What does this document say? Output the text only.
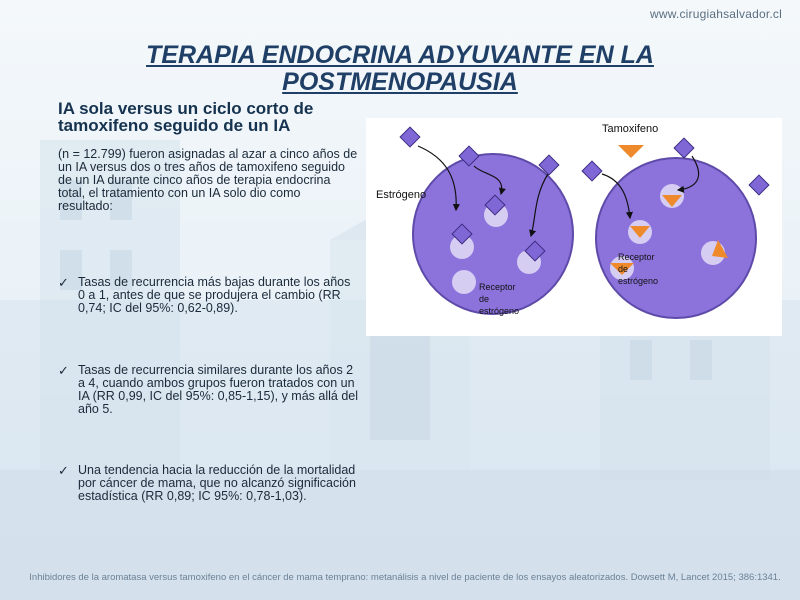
www.cirugiahsalvador.cl
TERAPIA ENDOCRINA ADYUVANTE EN LA POSTMENOPAUSIA

IA sola versus un ciclo corto de tamoxifeno seguido de un IA

(n = 12.799) fueron asignadas al azar a cinco años de un IA versus dos o tres años de tamoxifeno seguido de un IA durante cinco años de terapia endocrina total, el tratamiento con un IA solo dio como resultado:
✓ Tasas de recurrencia más bajas durante los años 0 a 1, antes de que se produjera el cambio (RR 0,74; IC del 95%: 0,62-0,89).
✓ Tasas de recurrencia similares durante los años 2 a 4, cuando ambos grupos fueron tratados con un IA (RR 0,99, IC del 95%: 0,85-1,15), y más allá del año 5.
✓ Una tendencia hacia la reducción de la mortalidad por cáncer de mama, que no alcanzó significación estadística (RR 0,89; IC 95%: 0,78-1,03).
Estrógeno
Receptor
de
estrógeno
Tamoxifeno
Receptor
de
estrógeno
Inhibidores de la aromatasa versus tamoxifeno en el cáncer de mama temprano: metanálisis a nivel de paciente de los ensayos aleatorizados. Dowsett M, Lancet 2015; 386:1341.
